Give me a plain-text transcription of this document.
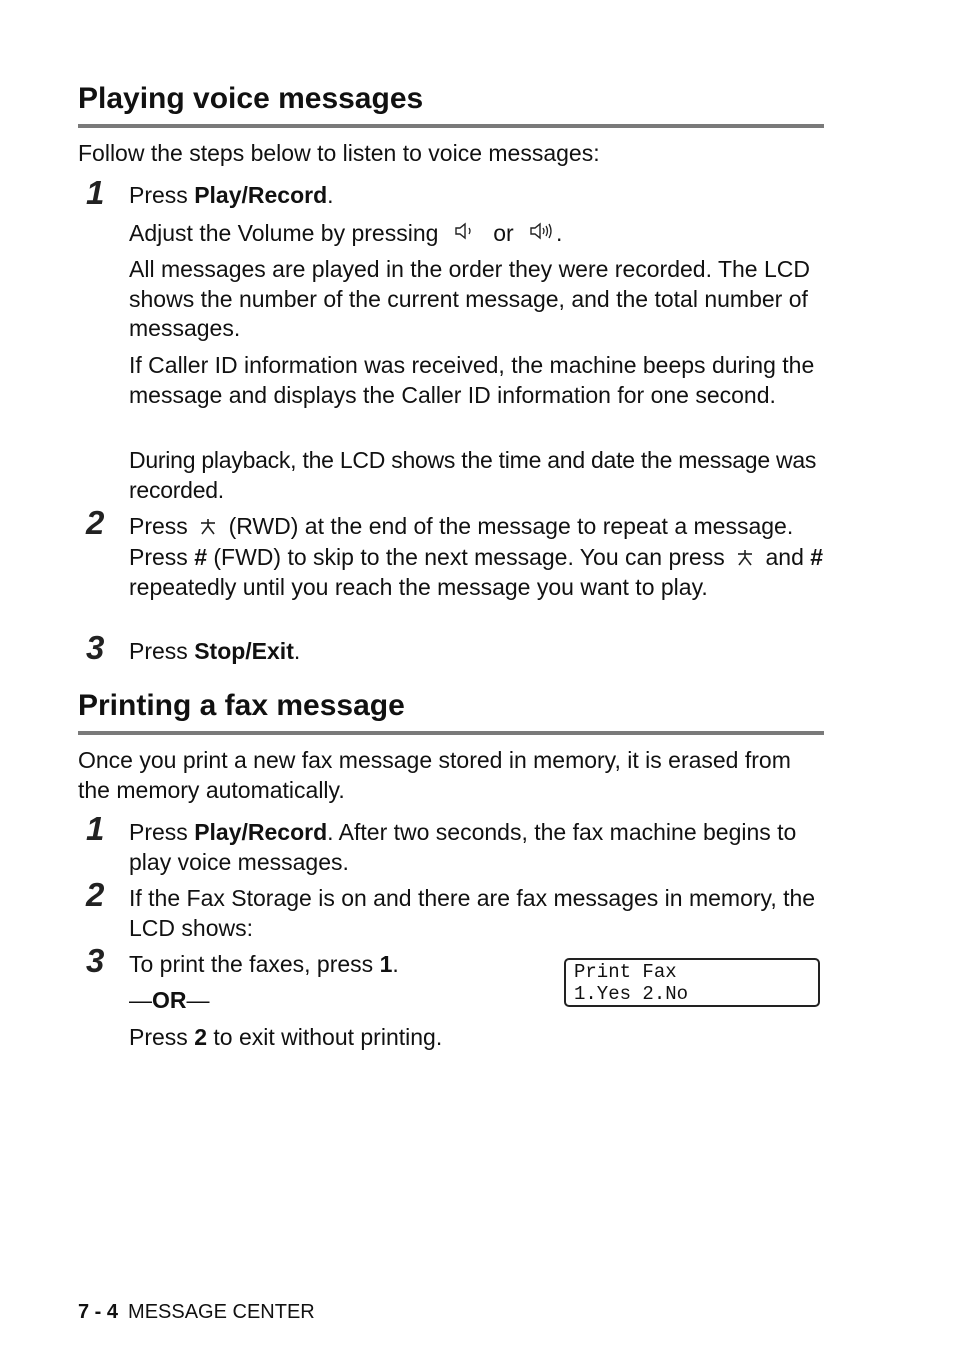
Playing voice messages
Follow the steps below to listen to voice messages:
1	Press Play/Record.
Adjust the Volume by pressing or .
All messages are played in the order they were recorded. The LCD shows the number of the current message, and the total number of messages.
If Caller ID information was received, the machine beeps during the message and displays the Caller ID information for one second.
During playback, the LCD shows the time and date the message was recorded.
2	Press (RWD) at the end of the message to repeat a message. Press # (FWD) to skip to the next message. You can press and # repeatedly until you reach the message you want to play.
3	Press Stop/Exit.
Printing a fax message
Once you print a new fax message stored in memory, it is erased from the memory automatically.
1	Press Play/Record. After two seconds, the fax machine begins to play voice messages.
2	If the Fax Storage is on and there are fax messages in memory, the LCD shows:
3	To print the faxes, press 1.
—OR—
Press 2 to exit without printing.
Print Fax
1.Yes 2.No
7 - 4 MESSAGE CENTER
